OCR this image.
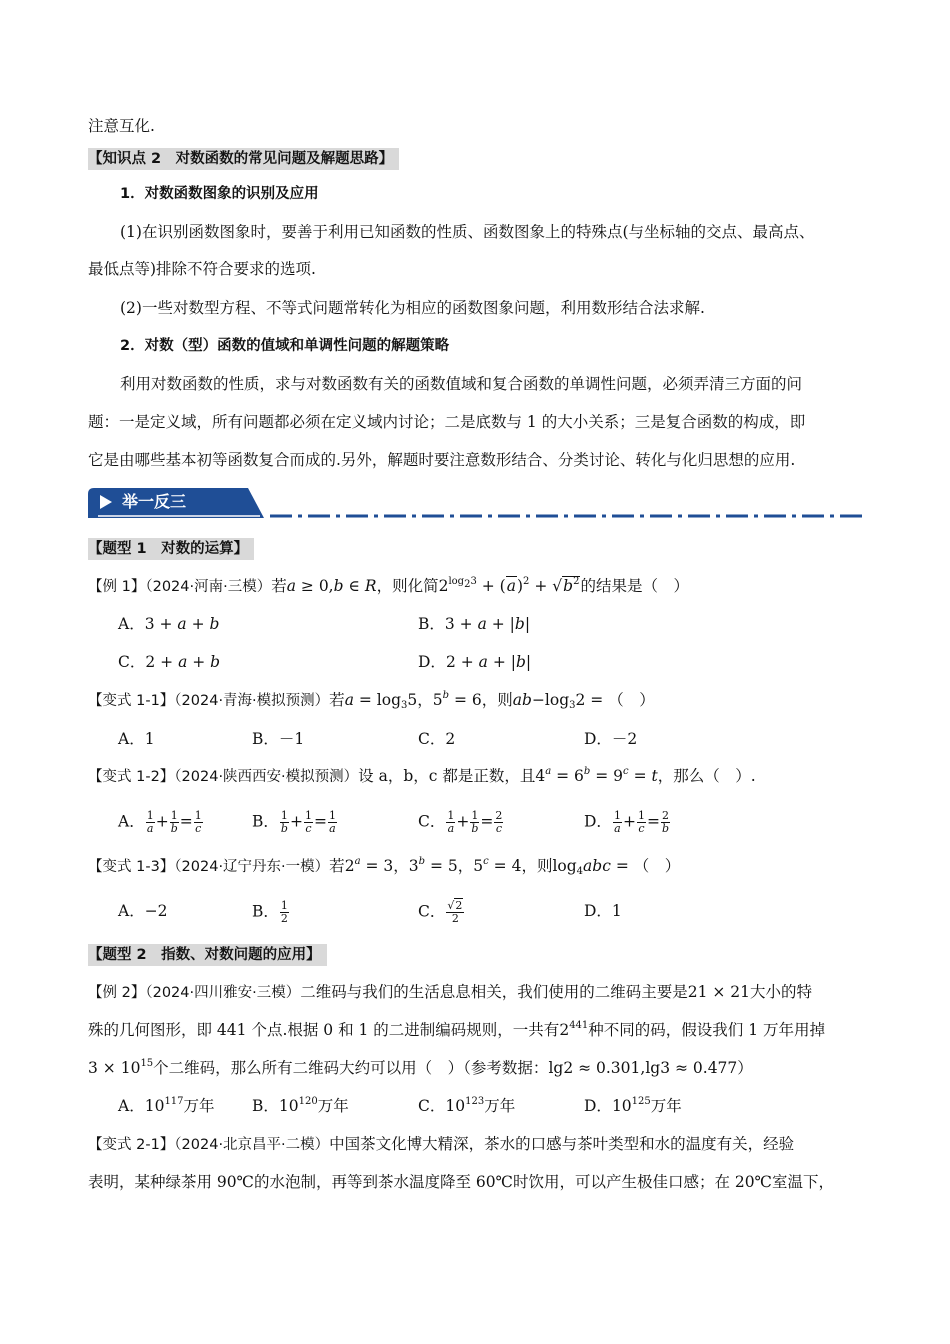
注意互化.
【知识点 2　对数函数的常见问题及解题思路】
1．对数函数图象的识别及应用
(1)在识别函数图象时，要善于利用已知函数的性质、函数图象上的特殊点(与坐标轴的交点、最高点、
最低点等)排除不符合要求的选项.
(2)一些对数型方程、不等式问题常转化为相应的函数图象问题，利用数形结合法求解.
2．对数（型）函数的值域和单调性问题的解题策略
利用对数函数的性质，求与对数函数有关的函数值域和复合函数的单调性问题，必须弄清三方面的问
题：一是定义域，所有问题都必须在定义域内讨论；二是底数与 1 的大小关系；三是复合函数的构成，即
它是由哪些基本初等函数复合而成的.另外，解题时要注意数形结合、分类讨论、转化与化归思想的应用.
举一反三
【题型 1　对数的运算】
【例 1】（2024·河南·三模）若a ≥ 0,b ∈ R，则化简$2^{log_23} + (a)^2 + √b^2$的结果是（　）
A．3 + a + b	B．3 + a + |b|
C．2 + a + b	D．2 + a + |b|
【变式 1-1】（2024·青海·模拟预测）若$a = \log_35$，$5^b = 6$，则$ab-\log_32$ = （　）
A．1	B．－1	C．2	D．－2
【变式 1-2】（2024·陕西西安·模拟预测）设 a，b，c 都是正数，且$4^a = 6^b = 9^c = t$，那么（　）.
A． $\frac{1}{a} + \frac{1}{b} = \frac{1}{c}$	B． $\frac{1}{b} + \frac{1}{c} = \frac{1}{a}$	C． $\frac{1}{a} + \frac{1}{b} = \frac{2}{c}$	D． $\frac{1}{a} + \frac{1}{c} = \frac{2}{b}$
【变式 1-3】（2024·辽宁丹东·一模）若$2^a = 3$，$3^b = 5$，$5^c = 4$，则$\log_4abc$ = （　）
A．−2	B． $\frac{1}{2}$	C． $\frac{√2}{2}$	D．1
【题型 2　指数、对数问题的应用】
【例 2】（2024·四川雅安·三模）二维码与我们的生活息息相关，我们使用的二维码主要是21 × 21大小的特
殊的几何图形，即 441 个点.根据 0 和 1 的二进制编码规则，一共有$2^{441}$种不同的码，假设我们 1 万年用掉
$3 \times 10^{15}$个二维码，那么所有二维码大约可以用（　）（参考数据：lg2 ≈ 0.301,lg3 ≈ 0.477）
A．$10^{117}$万年 B．$10^{120}$万年	C．$10^{123}$万年	D．$10^{125}$万年
【变式 2-1】（2024·北京昌平·二模）中国茶文化博大精深，茶水的口感与茶叶类型和水的温度有关，经验
表明，某种绿茶用 90℃的水泡制，再等到茶水温度降至 60℃时饮用，可以产生极佳口感；在 20℃室温下，
